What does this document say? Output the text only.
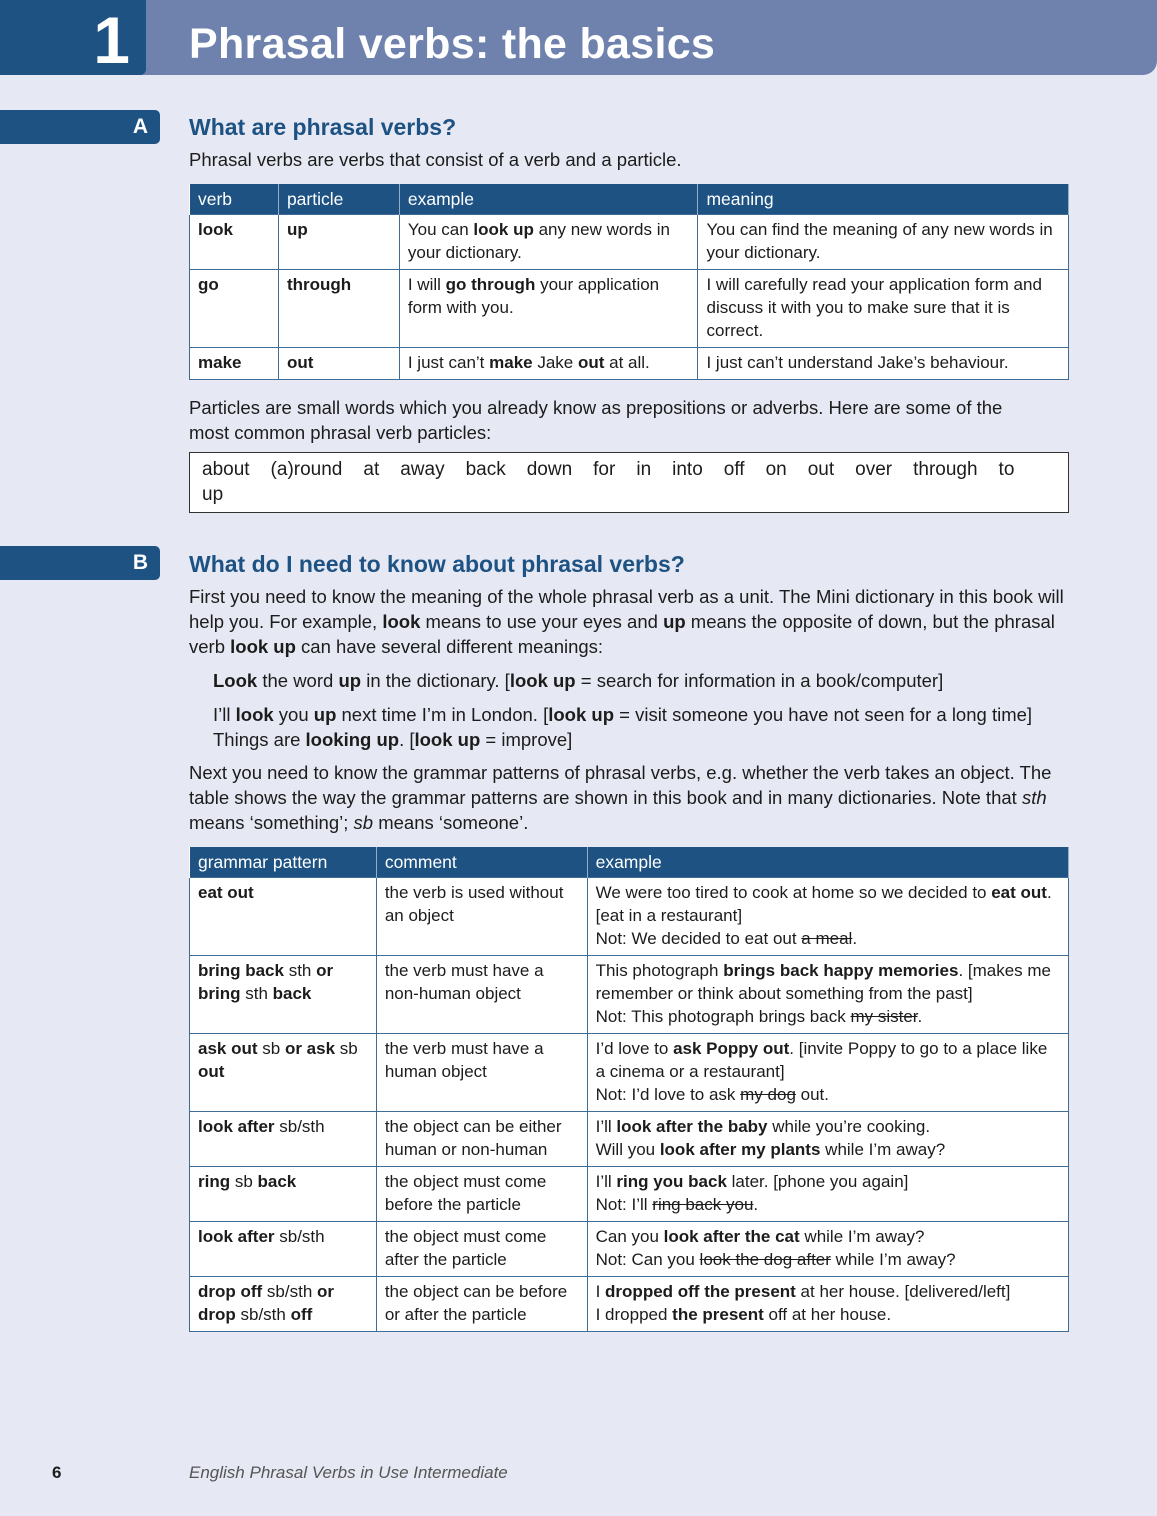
1	Phrasal verbs: the basics
A	What are phrasal verbs?
Phrasal verbs are verbs that consist of a verb and a particle.
verb	particle	example	meaning
look	up	You can look up any new words in your dictionary.	You can find the meaning of any new words in your dictionary.
go	through	I will go through your application form with you.	I will carefully read your application form and discuss it with you to make sure that it is correct.
make	out	I just can’t make Jake out at all.	I just can’t understand Jake’s behaviour.
Particles are small words which you already know as prepositions or adverbs. Here are some of the most common phrasal verb particles:
about (a)round at away back down for in into off on out over through toup
B	What do I need to know about phrasal verbs?
First you need to know the meaning of the whole phrasal verb as a unit. The Mini dictionary in this book will help you. For example, look means to use your eyes and up means the opposite of down, but the phrasal verb look up can have several different meanings:
Look the word up in the dictionary. [look up = search for information in a book/computer]
I’ll look you up next time I’m in London. [look up = visit someone you have not seen for a long time]
Things are looking up. [look up = improve]
Next you need to know the grammar patterns of phrasal verbs, e.g. whether the verb takes an object. The table shows the way the grammar patterns are shown in this book and in many dictionaries. Note that sth means ‘something’; sb means ‘someone’.
grammar pattern	comment	example

eat out	the verb is used without an object	We were too tired to cook at home so we decided to eat out. [eat in a restaurant]
Not: We decided to eat out a meal.

bring back sth or bring sth back	the verb must have a non-human object	This photograph brings back happy memories. [makes me remember or think about something from the past]
Not: This photograph brings back my sister.

ask out sb or ask sb out	the verb must have a human object	I’d love to ask Poppy out. [invite Poppy to go to a place like a cinema or a restaurant]
Not: I’d love to ask my dog out.

look after sb/sth	the object can be either human or non-human	I’ll look after the baby while you’re cooking.
Will you look after my plants while I’m away?

ring sb back	the object must come before the particle	I’ll ring you back later. [phone you again]
Not: I’ll ring back you.

look after sb/sth	the object must come after the particle	Can you look after the cat while I’m away?
Not: Can you look the dog after while I’m away?

drop off sb/sth or drop sb/sth off	the object can be before or after the particle	I dropped off the present at her house. [delivered/left]
I dropped the present off at her house.
6	English Phrasal Verbs in Use Intermediate
